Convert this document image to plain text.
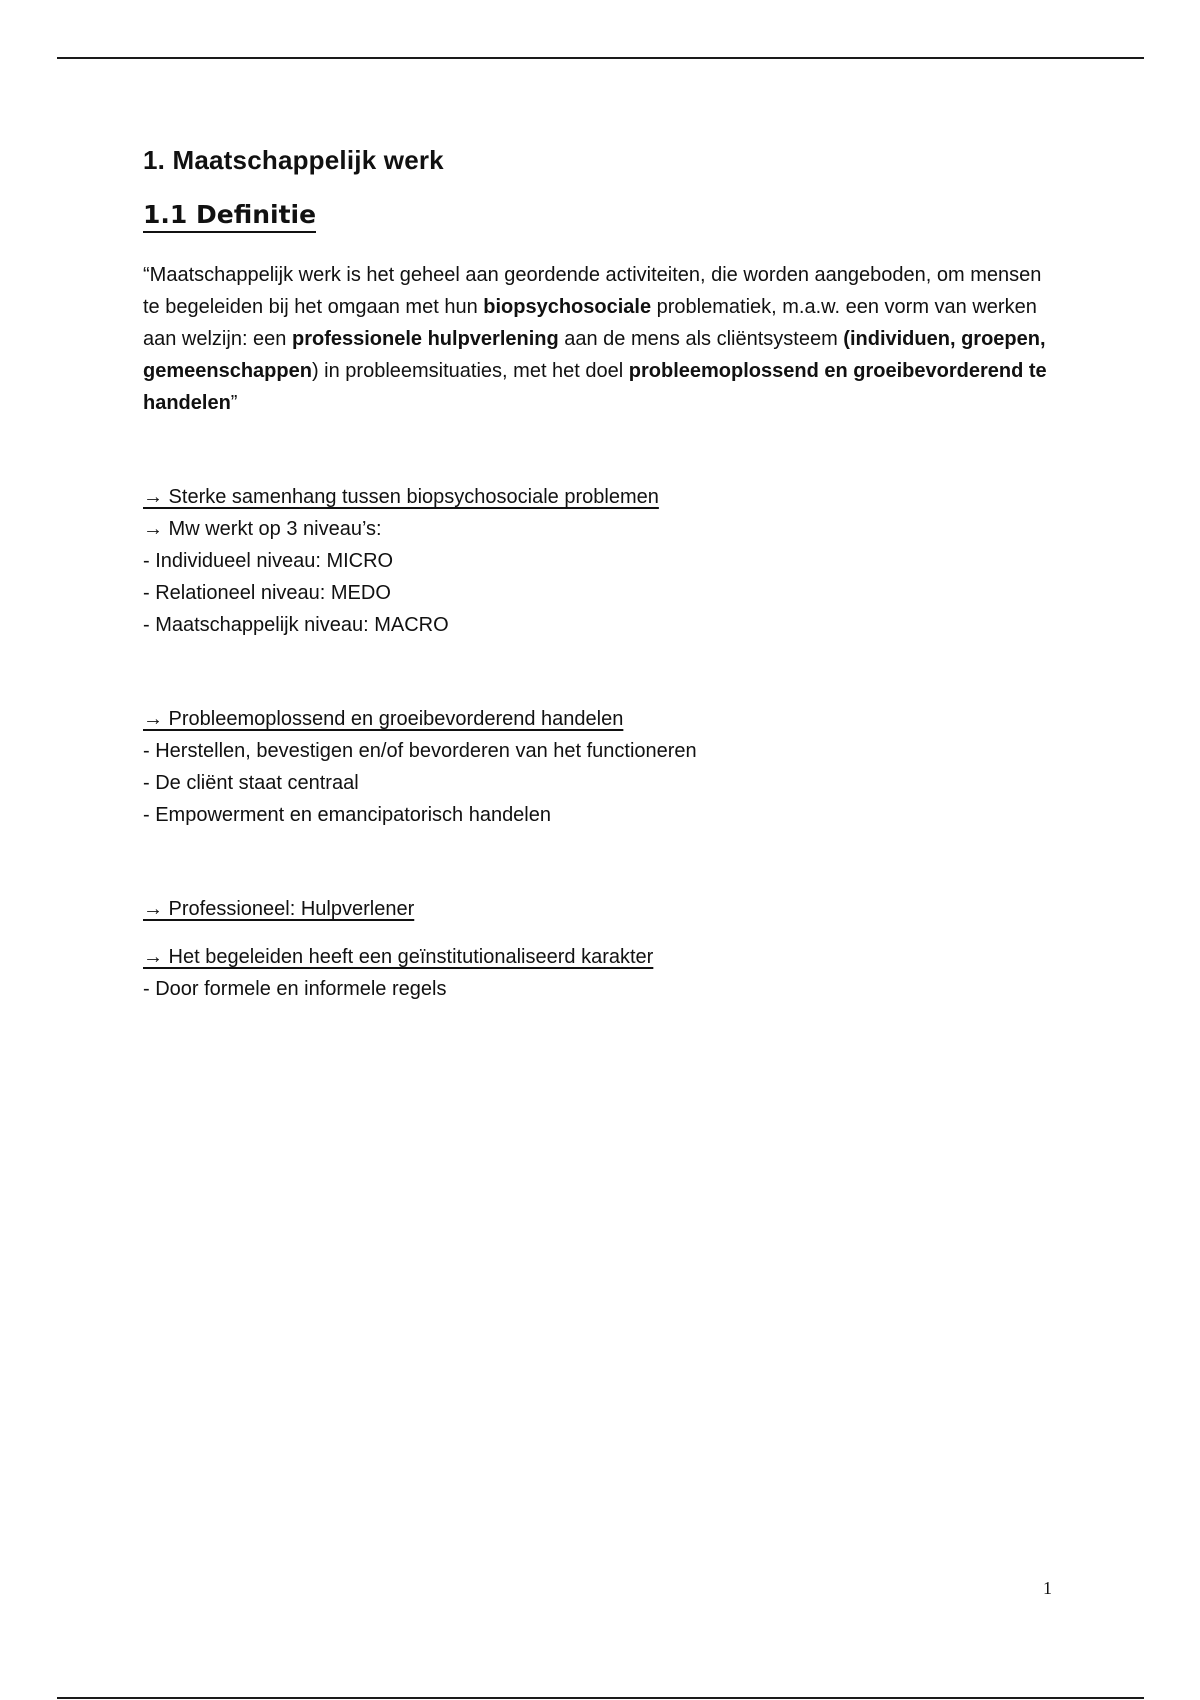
1. Maatschappelijk werk
1.1 Definitie

“Maatschappelijk werk is het geheel aan geordende activiteiten, die worden aangeboden, om mensen te begeleiden bij het omgaan met hun biopsychosociale problematiek, m.a.w. een vorm van werken aan welzijn: een professionele hulpverlening aan de mens als cliëntsysteem (individuen, groepen, gemeenschappen) in probleemsituaties, met het doel probleemoplossend en groeibevorderend te handelen”

→ Sterke samenhang tussen biopsychosociale problemen
→ Mw werkt op 3 niveau’s:
- Individueel niveau: MICRO
- Relationeel niveau: MEDO
- Maatschappelijk niveau: MACRO
→ Probleemoplossend en groeibevorderend handelen
- Herstellen, bevestigen en/of bevorderen van het functioneren
- De cliënt staat centraal
- Empowerment en emancipatorisch handelen
→ Professioneel: Hulpverlener
→ Het begeleiden heeft een geïnstitutionaliseerd karakter
- Door formele en informele regels
1
